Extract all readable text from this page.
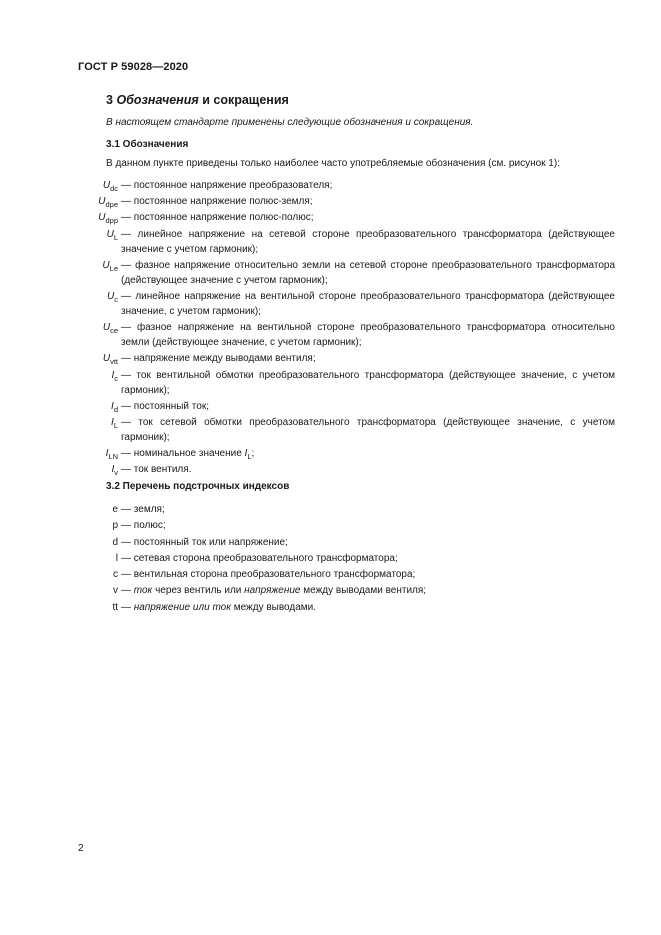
ГОСТ Р 59028—2020
3 Обозначения и сокращения
В настоящем стандарте применены следующие обозначения и сокращения.
3.1 Обозначения
В данном пункте приведены только наиболее часто употребляемые обозначения (см. рисунок 1):
$U_{dc}$ — постоянное напряжение преобразователя;
$U_{dpe}$ — постоянное напряжение полюс-земля;
$U_{dpp}$ — постоянное напряжение полюс-полюс;
$U_L$ — линейное напряжение на сетевой стороне преобразовательного трансформатора (действующее значение с учетом гармоник);
$U_{Le}$ — фазное напряжение относительно земли на сетевой стороне преобразовательного трансформатора (действующее значение с учетом гармоник);
$U_c$ — линейное напряжение на вентильной стороне преобразовательного трансформатора (действующее значение, с учетом гармоник);
$U_{ce}$ — фазное напряжение на вентильной стороне преобразовательного трансформатора относительно земли (действующее значение, с учетом гармоник);
$U_{vtt}$ — напряжение между выводами вентиля;
$I_c$ — ток вентильной обмотки преобразовательного трансформатора (действующее значение, с учетом гармоник);
$I_d$ — постоянный ток;
$I_L$ — ток сетевой обмотки преобразовательного трансформатора (действующее значение, с учетом гармоник);
$I_{LN}$ — номинальное значение $I_L$;
$I_v$ — ток вентиля.
3.2 Перечень подстрочных индексов
e — земля;
p — полюс;
d — постоянный ток или напряжение;
l — сетевая сторона преобразовательного трансформатора;
c — вентильная сторона преобразовательного трансформатора;
v — ток через вентиль или напряжение между выводами вентиля;
tt — напряжение или ток между выводами.
2
